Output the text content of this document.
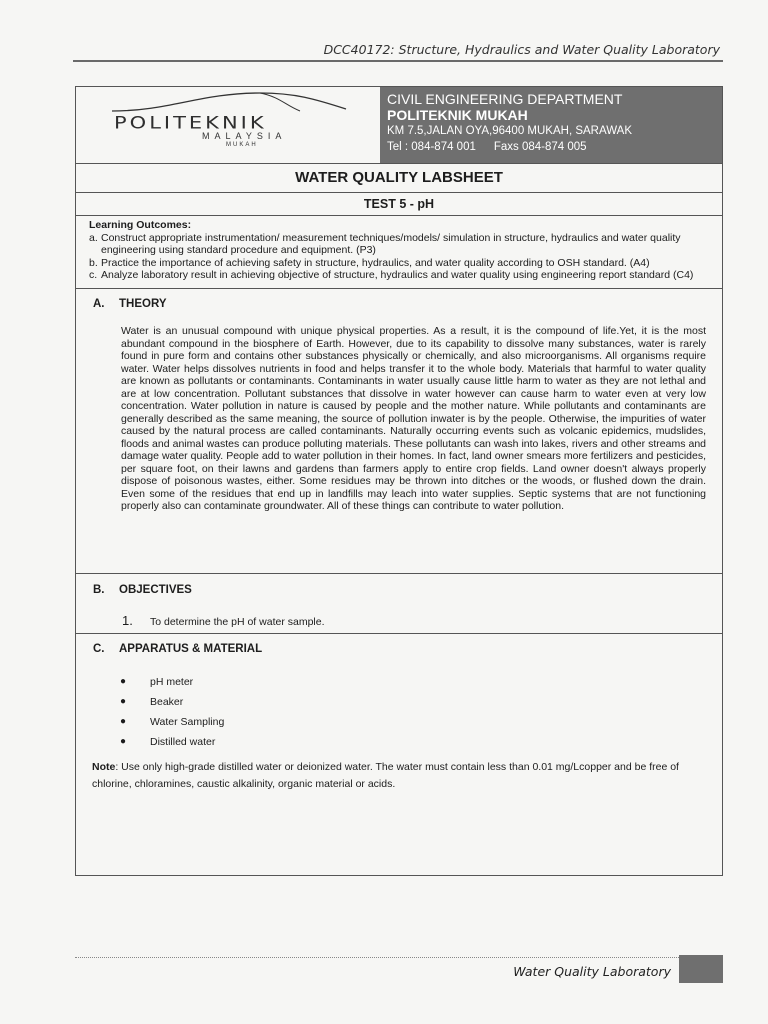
DCC40172: Structure, Hydraulics and Water Quality Laboratory
POLITEKNIK
MALAYSIA
MUKAH
CIVIL ENGINEERING DEPARTMENT
POLITEKNIK MUKAH
KM 7.5,JALAN OYA,96400 MUKAH, SARAWAK
Tel : 084-874 001 Faxs 084-874 005
WATER QUALITY LABSHEET
TEST 5 - pH
Learning Outcomes:
a. Construct appropriate instrumentation/ measurement techniques/models/ simulation in structure, hydraulics and water quality engineering using standard procedure and equipment. (P3)
b. Practice the importance of achieving safety in structure, hydraulics, and water quality according to OSH standard. (A4)
c. Analyze laboratory result in achieving objective of structure, hydraulics and water quality using engineering report standard (C4)
A. THEORY
Water is an unusual compound with unique physical properties. As a result, it is the compound of life.Yet, it is the most abundant compound in the biosphere of Earth. However, due to its capability to dissolve many substances, water is rarely found in pure form and contains other substances physically or chemically, and also microorganisms. All organisms require water. Water helps dissolves nutrients in food and helps transfer it to the whole body. Materials that harmful to water quality are known as pollutants or contaminants. Contaminants in water usually cause little harm to water as they are not lethal and are at low concentration. Pollutant substances that dissolve in water however can cause harm to water even at very low concentration. Water pollution in nature is caused by people and the mother nature. While pollutants and contaminants are generally described as the same meaning, the source of pollution inwater is by the people. Otherwise, the impurities of water caused by the natural process are called contaminants. Naturally occurring events such as volcanic epidemics, mudslides, floods and animal wastes can produce polluting materials. These pollutants can wash into lakes, rivers and other streams and damage water quality. People add to water pollution in their homes. In fact, land owner smears more fertilizers and pesticides, per square foot, on their lawns and gardens than farmers apply to entire crop fields. Land owner doesn't always properly dispose of poisonous wastes, either. Some residues may be thrown into ditches or the woods, or flushed down the drain. Even some of the residues that end up in landfills may leach into water supplies. Septic systems that are not functioning properly also can contaminate groundwater. All of these things can contribute to water pollution.
B. OBJECTIVES
1. To determine the pH of water sample.
C. APPARATUS & MATERIAL
●	pH meter
●	Beaker
●	Water Sampling
●	Distilled water
Note: Use only high-grade distilled water or deionized water. The water must contain less than 0.01 mg/Lcopper and be free of chlorine, chloramines, caustic alkalinity, organic material or acids.
Water Quality Laboratory
